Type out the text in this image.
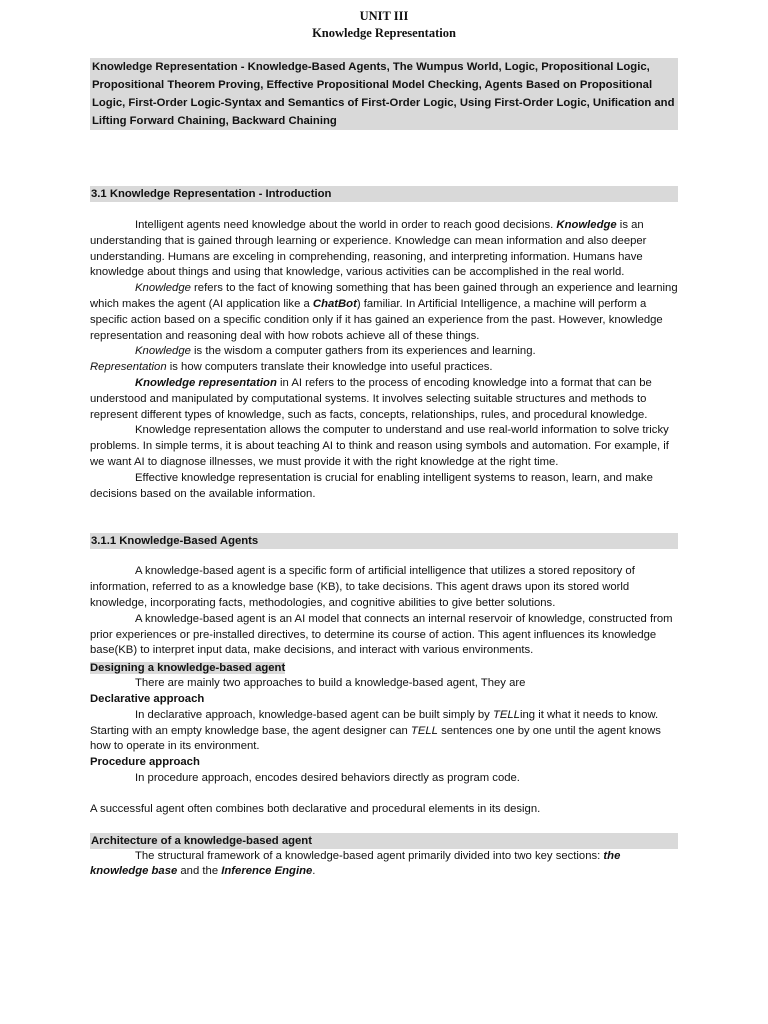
UNIT III
Knowledge Representation
Knowledge Representation - Knowledge-Based Agents, The Wumpus World, Logic, Propositional Logic, Propositional Theorem Proving, Effective Propositional Model Checking, Agents Based on Propositional Logic, First-Order Logic-Syntax and Semantics of First-Order Logic, Using First-Order Logic, Unification and Lifting Forward Chaining, Backward Chaining
3.1 Knowledge Representation - Introduction

Intelligent agents need knowledge about the world in order to reach good decisions. Knowledge is an understanding that is gained through learning or experience. Knowledge can mean information and also deeper understanding. Humans are exceling in comprehending, reasoning, and interpreting information. Humans have knowledge about things and using that knowledge, various activities can be accomplished in the real world.

Knowledge refers to the fact of knowing something that has been gained through an experience and learning which makes the agent (AI application like a ChatBot) familiar. In Artificial Intelligence, a machine will perform a specific action based on a specific condition only if it has gained an experience from the past. However, knowledge representation and reasoning deal with how robots achieve all of these things.

Knowledge is the wisdom a computer gathers from its experiences and learning.

Representation is how computers translate their knowledge into useful practices.

Knowledge representation in AI refers to the process of encoding knowledge into a format that can be understood and manipulated by computational systems. It involves selecting suitable structures and methods to represent different types of knowledge, such as facts, concepts, relationships, rules, and procedural knowledge.

Knowledge representation allows the computer to understand and use real-world information to solve tricky problems. In simple terms, it is about teaching AI to think and reason using symbols and automation. For example, if we want AI to diagnose illnesses, we must provide it with the right knowledge at the right time.

Effective knowledge representation is crucial for enabling intelligent systems to reason, learn, and make decisions based on the available information.

3.1.1 Knowledge-Based Agents

A knowledge-based agent is a specific form of artificial intelligence that utilizes a stored repository of information, referred to as a knowledge base (KB), to take decisions. This agent draws upon its stored world knowledge, incorporating facts, methodologies, and cognitive abilities to give better solutions.

A knowledge-based agent is an AI model that connects an internal reservoir of knowledge, constructed from prior experiences or pre-installed directives, to determine its course of action. This agent influences its knowledge base(KB) to interpret input data, make decisions, and interact with various environments.

Designing a knowledge-based agent

There are mainly two approaches to build a knowledge-based agent, They are

Declarative approach

In declarative approach, knowledge-based agent can be built simply by TELLing it what it needs to know. Starting with an empty knowledge base, the agent designer can TELL sentences one by one until the agent knows how to operate in its environment.

Procedure approach

In procedure approach, encodes desired behaviors directly as program code.

A successful agent often combines both declarative and procedural elements in its design.

Architecture of a knowledge-based agent

The structural framework of a knowledge-based agent primarily divided into two key sections: the knowledge base and the Inference Engine.
